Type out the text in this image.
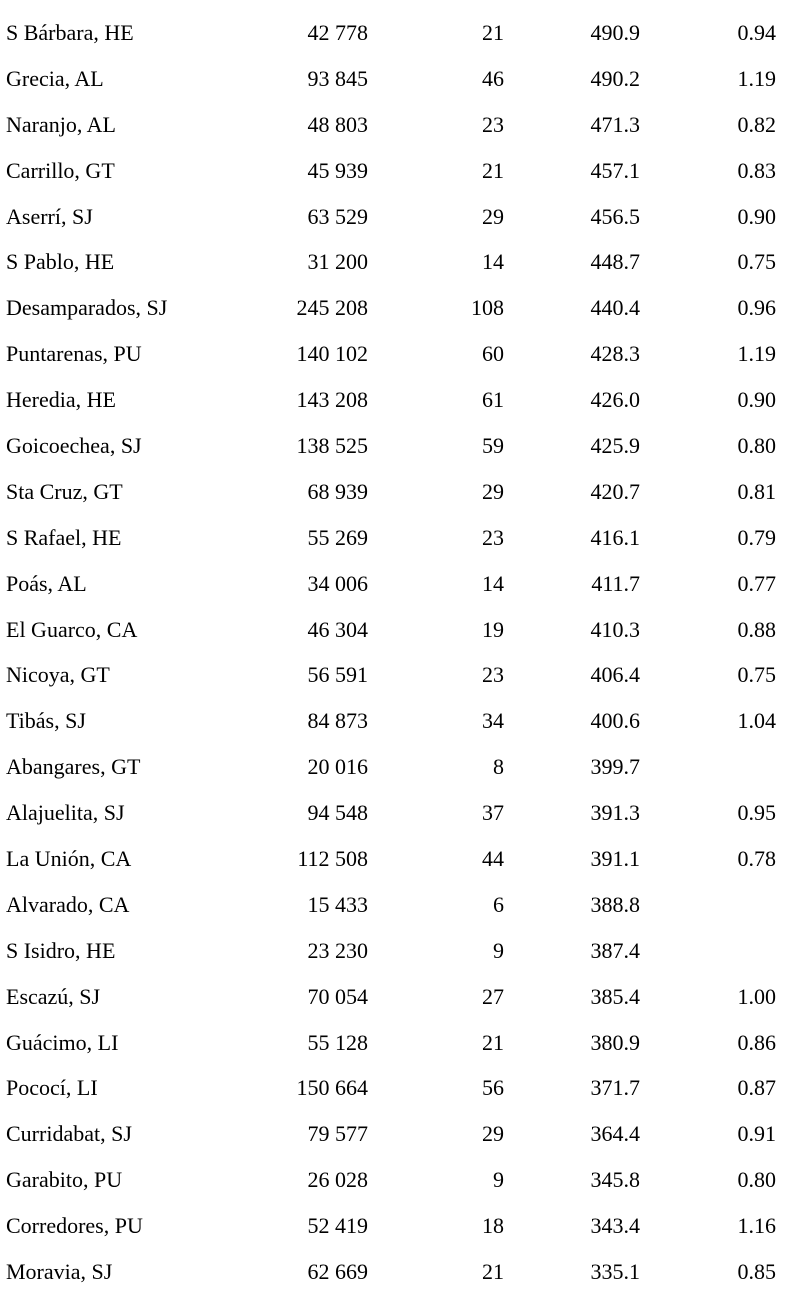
S Bárbara, HE	42 778	21	490.9	0.94
Grecia, AL	93 845	46	490.2	1.19
Naranjo, AL	48 803	23	471.3	0.82
Carrillo, GT	45 939	21	457.1	0.83
Aserrí, SJ	63 529	29	456.5	0.90
S Pablo, HE	31 200	14	448.7	0.75
Desamparados, SJ	245 208	108	440.4	0.96
Puntarenas, PU	140 102	60	428.3	1.19
Heredia, HE	143 208	61	426.0	0.90
Goicoechea, SJ	138 525	59	425.9	0.80
Sta Cruz, GT	68 939	29	420.7	0.81
S Rafael, HE	55 269	23	416.1	0.79
Poás, AL	34 006	14	411.7	0.77
El Guarco, CA	46 304	19	410.3	0.88
Nicoya, GT	56 591	23	406.4	0.75
Tibás, SJ	84 873	34	400.6	1.04
Abangares, GT	20 016	8	399.7
Alajuelita, SJ	94 548	37	391.3	0.95
La Unión, CA	112 508	44	391.1	0.78
Alvarado, CA	15 433	6	388.8
S Isidro, HE	23 230	9	387.4
Escazú, SJ	70 054	27	385.4	1.00
Guácimo, LI	55 128	21	380.9	0.86
Pococí, LI	150 664	56	371.7	0.87
Curridabat, SJ	79 577	29	364.4	0.91
Garabito, PU	26 028	9	345.8	0.80
Corredores, PU	52 419	18	343.4	1.16
Moravia, SJ	62 669	21	335.1	0.85
